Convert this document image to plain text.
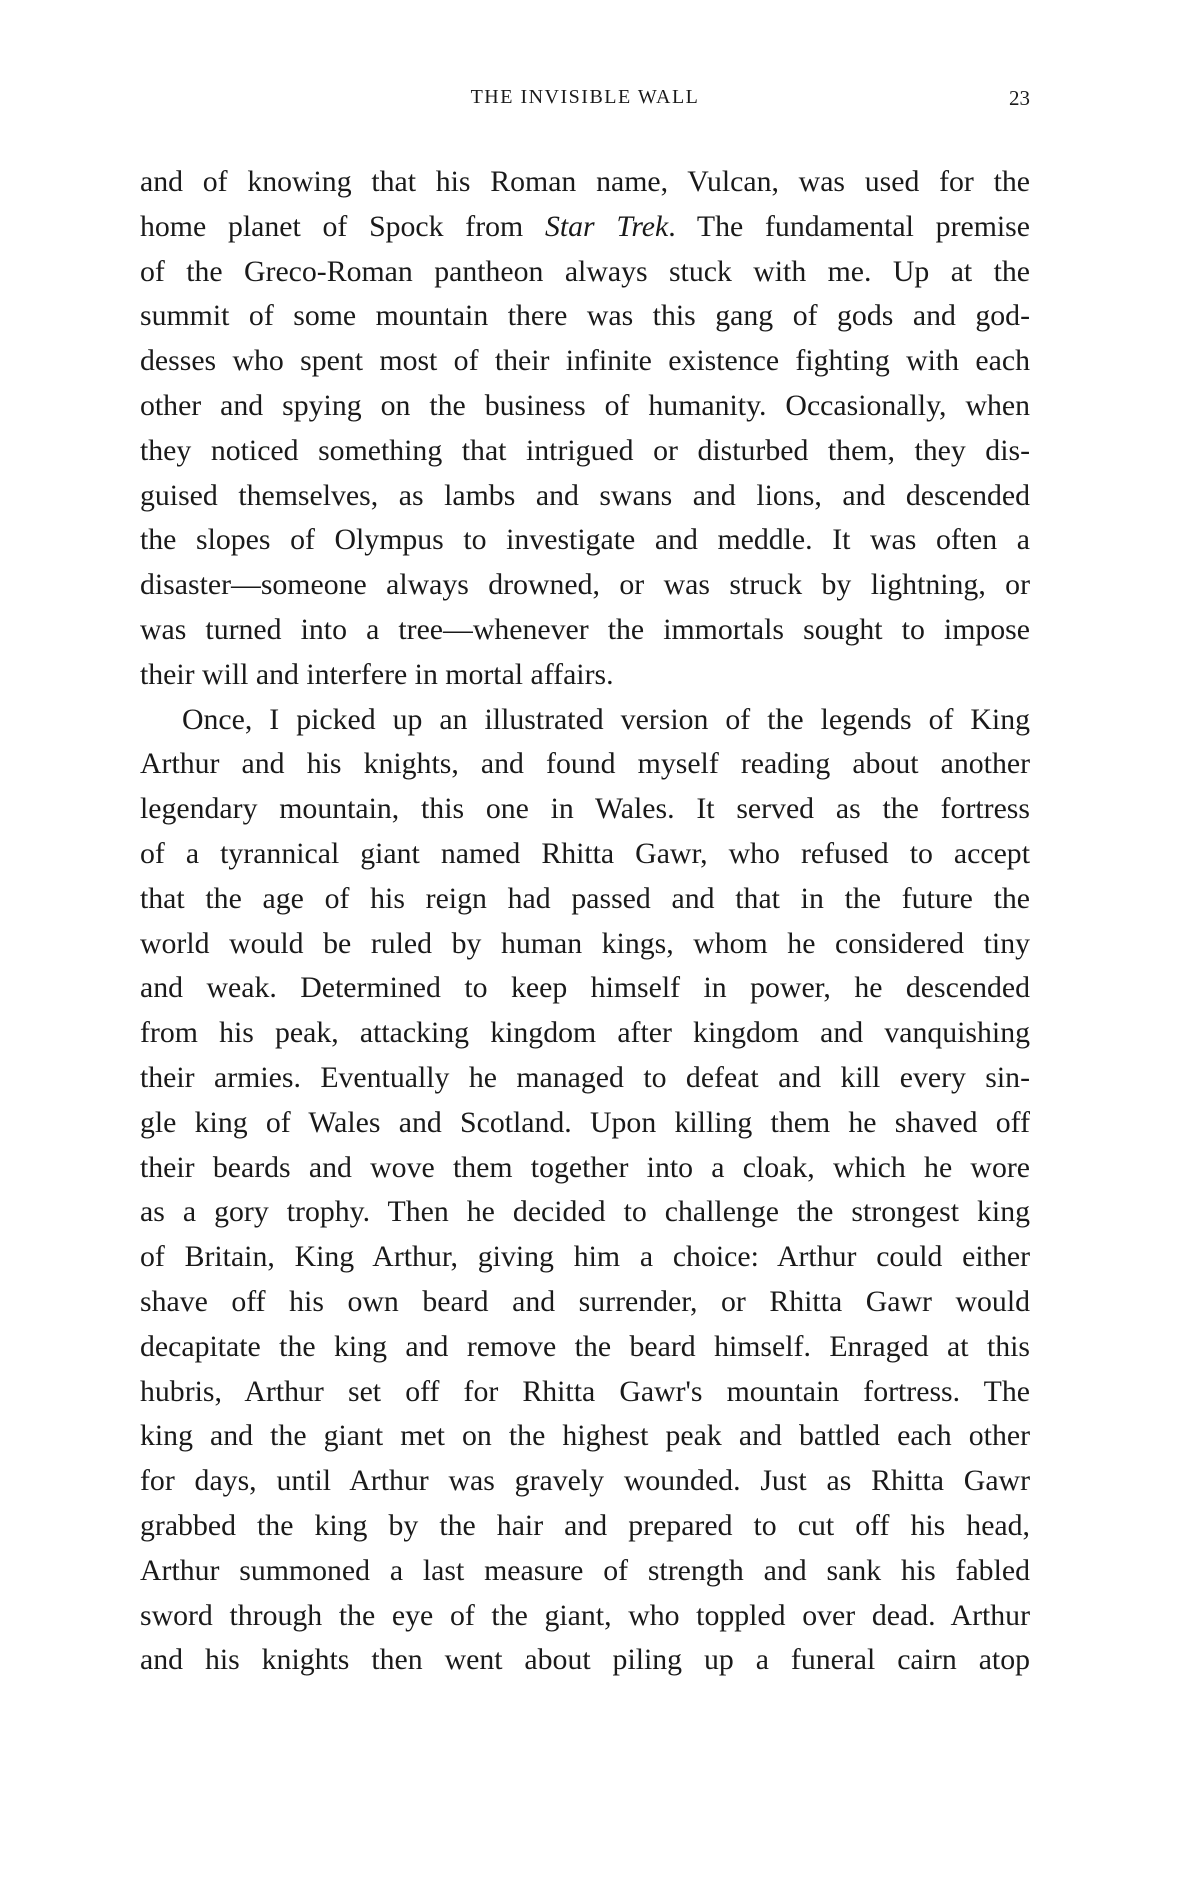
THE INVISIBLE WALL	23
and of knowing that his Roman name, Vulcan, was used for the
home planet of Spock from Star Trek. The fundamental premise
of the Greco-Roman pantheon always stuck with me. Up at the
summit of some mountain there was this gang of gods and god-
desses who spent most of their infinite existence fighting with each
other and spying on the business of humanity. Occasionally, when
they noticed something that intrigued or disturbed them, they dis-
guised themselves, as lambs and swans and lions, and descended
the slopes of Olympus to investigate and meddle. It was often a
disaster—someone always drowned, or was struck by lightning, or
was turned into a tree—whenever the immortals sought to impose
their will and interfere in mortal affairs.
Once, I picked up an illustrated version of the legends of King
Arthur and his knights, and found myself reading about another
legendary mountain, this one in Wales. It served as the fortress
of a tyrannical giant named Rhitta Gawr, who refused to accept
that the age of his reign had passed and that in the future the
world would be ruled by human kings, whom he considered tiny
and weak. Determined to keep himself in power, he descended
from his peak, attacking kingdom after kingdom and vanquishing
their armies. Eventually he managed to defeat and kill every sin-
gle king of Wales and Scotland. Upon killing them he shaved off
their beards and wove them together into a cloak, which he wore
as a gory trophy. Then he decided to challenge the strongest king
of Britain, King Arthur, giving him a choice: Arthur could either
shave off his own beard and surrender, or Rhitta Gawr would
decapitate the king and remove the beard himself. Enraged at this
hubris, Arthur set off for Rhitta Gawr's mountain fortress. The
king and the giant met on the highest peak and battled each other
for days, until Arthur was gravely wounded. Just as Rhitta Gawr
grabbed the king by the hair and prepared to cut off his head,
Arthur summoned a last measure of strength and sank his fabled
sword through the eye of the giant, who toppled over dead. Arthur
and his knights then went about piling up a funeral cairn atop
